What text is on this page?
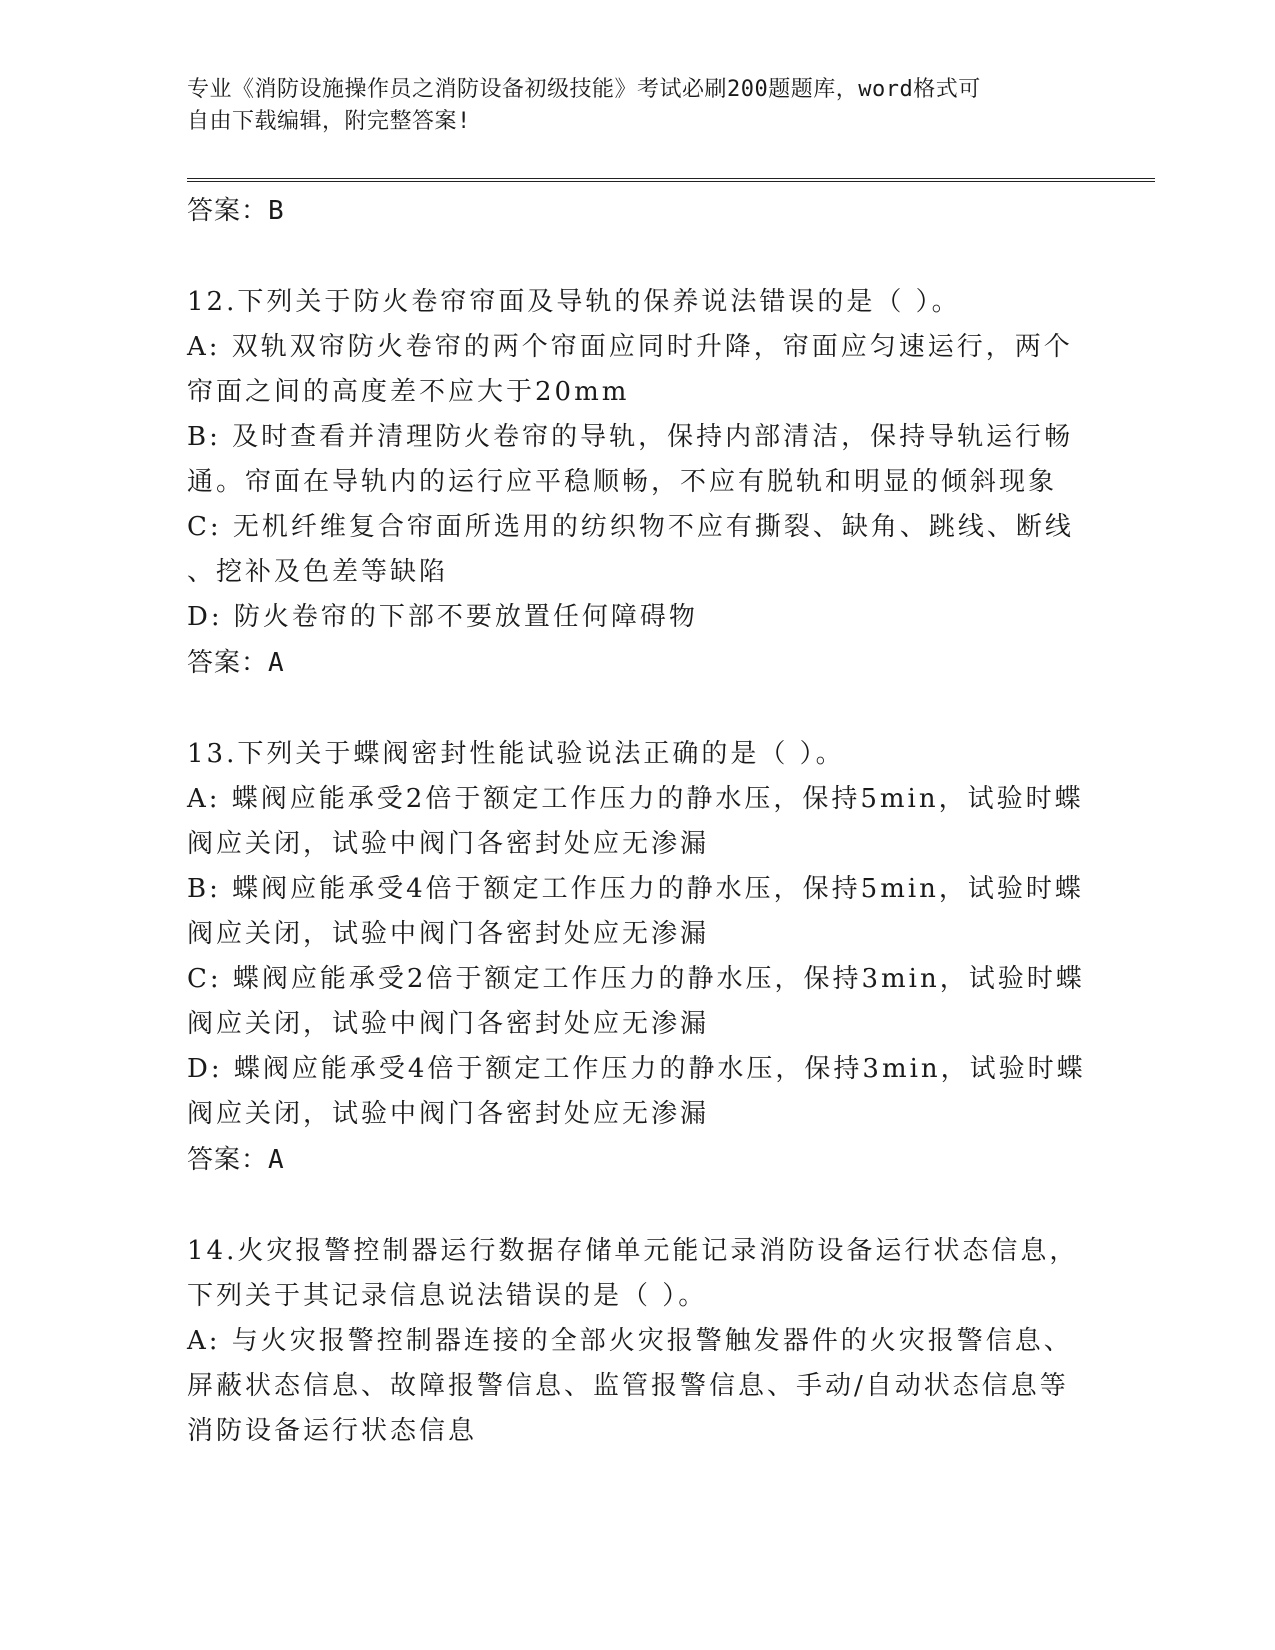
专业《消防设施操作员之消防设备初级技能》考试必刷200题题库，word格式可
自由下载编辑，附完整答案!
答案：B
12.下列关于防火卷帘帘面及导轨的保养说法错误的是（ ）。
A: 双轨双帘防火卷帘的两个帘面应同时升降，帘面应匀速运行，两个
帘面之间的高度差不应大于20mm
B: 及时查看并清理防火卷帘的导轨，保持内部清洁，保持导轨运行畅
通。帘面在导轨内的运行应平稳顺畅，不应有脱轨和明显的倾斜现象
C: 无机纤维复合帘面所选用的纺织物不应有撕裂、缺角、跳线、断线
、挖补及色差等缺陷
D: 防火卷帘的下部不要放置任何障碍物
答案：A
13.下列关于蝶阀密封性能试验说法正确的是（ ）。
A: 蝶阀应能承受2倍于额定工作压力的静水压，保持5min，试验时蝶
阀应关闭，试验中阀门各密封处应无渗漏
B: 蝶阀应能承受4倍于额定工作压力的静水压，保持5min，试验时蝶
阀应关闭，试验中阀门各密封处应无渗漏
C: 蝶阀应能承受2倍于额定工作压力的静水压，保持3min，试验时蝶
阀应关闭，试验中阀门各密封处应无渗漏
D: 蝶阀应能承受4倍于额定工作压力的静水压，保持3min，试验时蝶
阀应关闭，试验中阀门各密封处应无渗漏
答案：A
14.火灾报警控制器运行数据存储单元能记录消防设备运行状态信息，
下列关于其记录信息说法错误的是（ ）。
A: 与火灾报警控制器连接的全部火灾报警触发器件的火灾报警信息、
屏蔽状态信息、故障报警信息、监管报警信息、手动/自动状态信息等
消防设备运行状态信息
